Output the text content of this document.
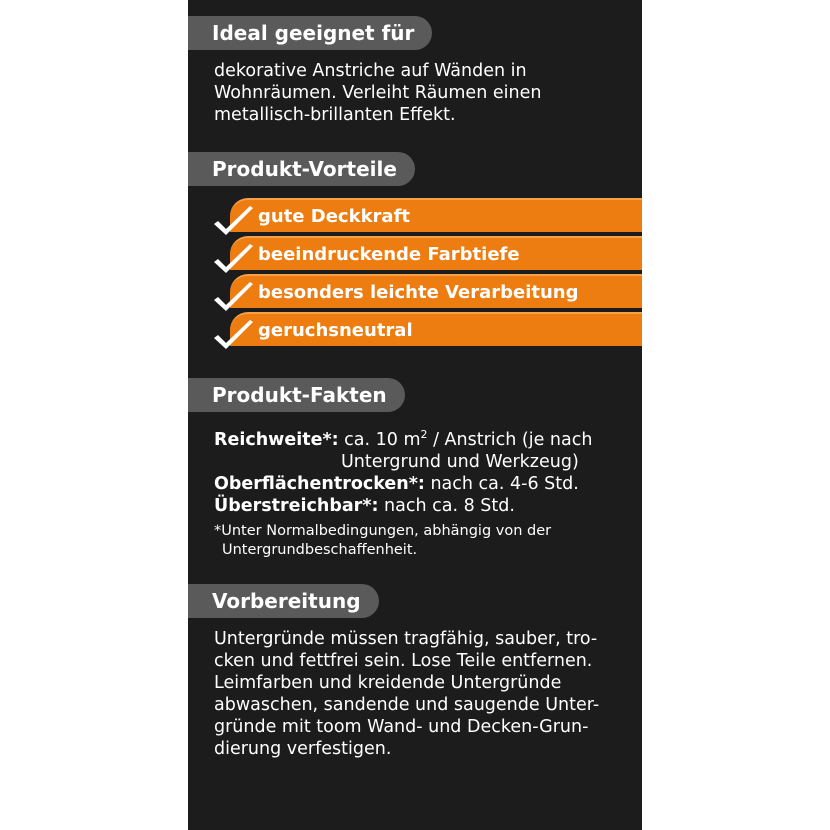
Ideal geeignet für

dekorative Anstriche auf Wänden in
Wohnräumen. Verleiht Räumen einen
metallisch-brillanten Effekt.

Produkt-Vorteile
gute Deckkraft
beeindruckende Farbtiefe
besonders leichte Verarbeitung
geruchsneutral
Produkt-Fakten
Reichweite*: ca. 10 $m^2$ / Anstrich (je nach
Untergrund und Werkzeug)
Oberflächentrocken*: nach ca. 4-6 Std.
Überstreichbar*: nach ca. 8 Std.
*Unter Normalbedingungen, abhängig von der
Untergrundbeschaffenheit.
Vorbereitung

Untergründe müssen tragfähig, sauber, tro-
cken und fettfrei sein. Lose Teile entfernen.
Leimfarben und kreidende Untergründe
abwaschen, sandende und saugende Unter-
gründe mit toom Wand- und Decken-Grun-
dierung verfestigen.
